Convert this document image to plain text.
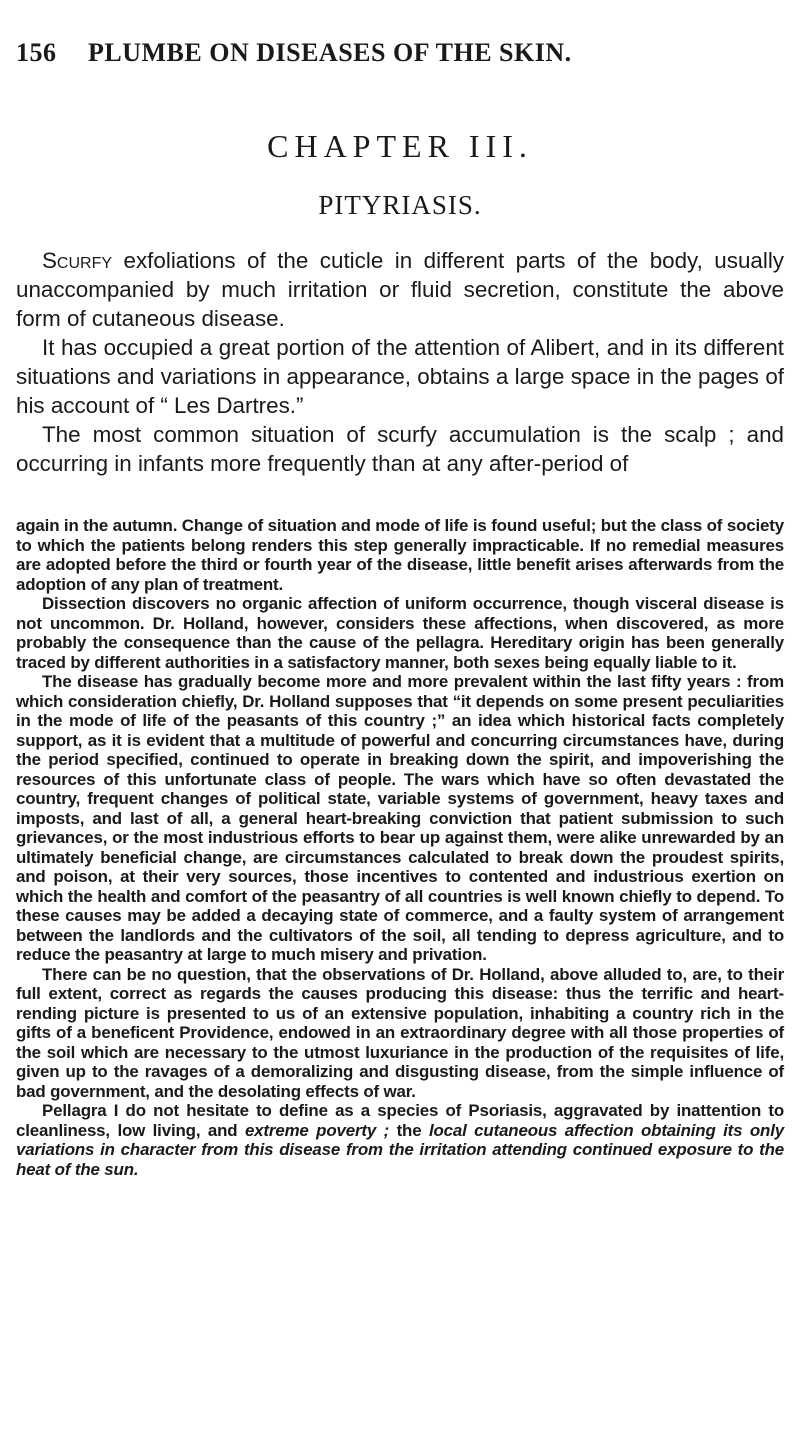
156 PLUMBE ON DISEASES OF THE SKIN.
CHAPTER III.
PITYRIASIS.

Scurfy exfoliations of the cuticle in different parts of the body, usually unaccompanied by much irritation or fluid secretion, constitute the above form of cutaneous disease.

It has occupied a great portion of the attention of Alibert, and in its different situations and variations in appearance, obtains a large space in the pages of his account of “ Les Dartres.”

The most common situation of scurfy accumulation is the scalp ; and occurring in infants more frequently than at any after-period of

again in the autumn. Change of situation and mode of life is found useful; but the class of society to which the patients belong renders this step generally impracticable. If no remedial measures are adopted before the third or fourth year of the disease, little benefit arises afterwards from the adoption of any plan of treatment.

Dissection discovers no organic affection of uniform occurrence, though visceral disease is not uncommon. Dr. Holland, however, considers these affections, when discovered, as more probably the consequence than the cause of the pellagra. Hereditary origin has been generally traced by different authorities in a satisfactory manner, both sexes being equally liable to it.

The disease has gradually become more and more prevalent within the last fifty years : from which consideration chiefly, Dr. Holland supposes that “it depends on some present peculiarities in the mode of life of the peasants of this country ;” an idea which historical facts completely support, as it is evident that a multitude of powerful and concurring circumstances have, during the period specified, continued to operate in breaking down the spirit, and impoverishing the resources of this unfortunate class of people. The wars which have so often devastated the country, frequent changes of political state, variable systems of government, heavy taxes and imposts, and last of all, a general heart-breaking conviction that patient submission to such grievances, or the most industrious efforts to bear up against them, were alike unrewarded by an ultimately beneficial change, are circumstances calculated to break down the proudest spirits, and poison, at their very sources, those incentives to contented and industrious exertion on which the health and comfort of the peasantry of all countries is well known chiefly to depend. To these causes may be added a decaying state of commerce, and a faulty system of arrangement between the landlords and the cultivators of the soil, all tending to depress agriculture, and to reduce the peasantry at large to much misery and privation.

There can be no question, that the observations of Dr. Holland, above alluded to, are, to their full extent, correct as regards the causes producing this disease: thus the terrific and heart-rending picture is presented to us of an extensive population, inhabiting a country rich in the gifts of a beneficent Providence, endowed in an extraordinary degree with all those properties of the soil which are necessary to the utmost luxuriance in the production of the requisites of life, given up to the ravages of a demoralizing and disgusting disease, from the simple influence of bad government, and the desolating effects of war.

Pellagra I do not hesitate to define as a species of Psoriasis, aggravated by inattention to cleanliness, low living, and extreme poverty ; the local cutaneous affection obtaining its only variations in character from this disease from the irritation attending continued exposure to the heat of the sun.
